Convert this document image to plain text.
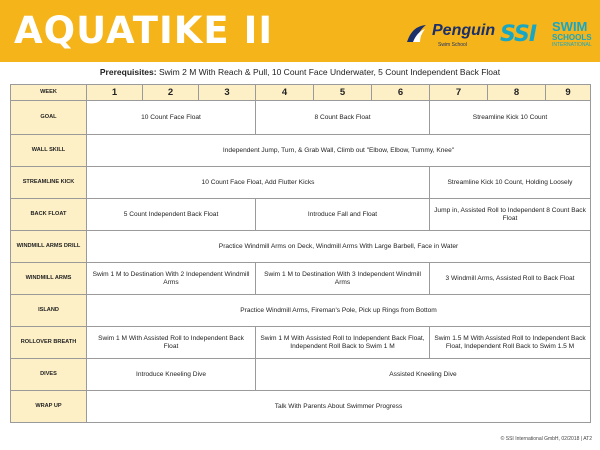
AQUATIKE II	Penguin
Swim School SSI SWIM
SCHOOLS
INTERNATIONAL
Prerequisites: Swim 2 M With Reach & Pull, 10 Count Face Underwater, 5 Count Independent Back Float
WEEK	1	2	3	4	5	6	7	8	9
GOAL	10 Count Face Float			8 Count Back Float			Streamline Kick 10 Count		
WALL SKILL	Independent Jump, Turn, & Grab Wall, Climb out "Elbow, Elbow, Tummy, Knee"								
STREAMLINE KICK	10 Count Face Float, Add Flutter Kicks						Streamline Kick 10 Count, Holding Loosely		
BACK FLOAT	5 Count Independent Back Float			Introduce Fall and Float			Jump in, Assisted Roll to Independent 8 Count Back Float		
WINDMILL ARMS DRILL	Practice Windmill Arms on Deck, Windmill Arms With Large Barbell, Face in Water								
WINDMILL ARMS	Swim 1 M to Destination With 2 Independent Windmill Arms			Swim 1 M to Destination With 3 Independent Windmill Arms			3 Windmill Arms, Assisted Roll to Back Float		
ISLAND	Practice Windmill Arms, Fireman's Pole, Pick up Rings from Bottom								
ROLLOVER BREATH	Swim 1 M With Assisted Roll to Independent Back Float			Swim 1 M With Assisted Roll to Independent Back Float, Independent Roll Back to Swim 1 M			Swim 1.5 M With Assisted Roll to Independent Back Float, Independent Roll Back to Swim 1.5 M		
DIVES	Introduce Kneeling Dive			Assisted Kneeling Dive					
WRAP UP	Talk With Parents About Swimmer Progress								
© SSI International GmbH, 02/2018 | AT2
